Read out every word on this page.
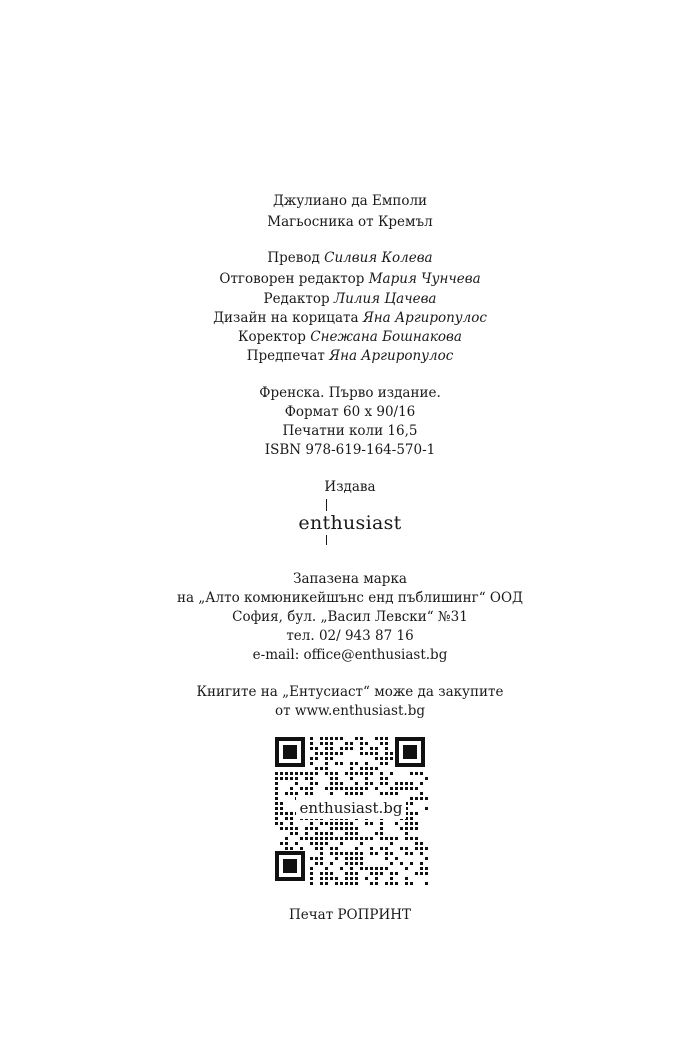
Джулиано да Емполи
Магьосника от Кремъл
Превод Силвия Колева
Отговорен редактор Мария Чунчева
Редактор Лилия Цачева
Дизайн на корицата Яна Аргиропулос
Коректор Снежана Бошнакова
Предпечат Яна Аргиропулос
Френска. Първо издание.
Формат 60 х 90/16
Печатни коли 16,5
ISBN 978-619-164-570-1
Издава
enthusiast
Запазена марка
на „Алто комюникейшънс енд пъблишинг“ ООД
София, бул. „Васил Левски“ №31
тел. 02/ 943 87 16
e-mail: office@enthusiast.bg
Книгите на „Ентусиаст“ може да закупите
от www.enthusiast.bg
enthusiast.bg
Печат РОПРИНТ
